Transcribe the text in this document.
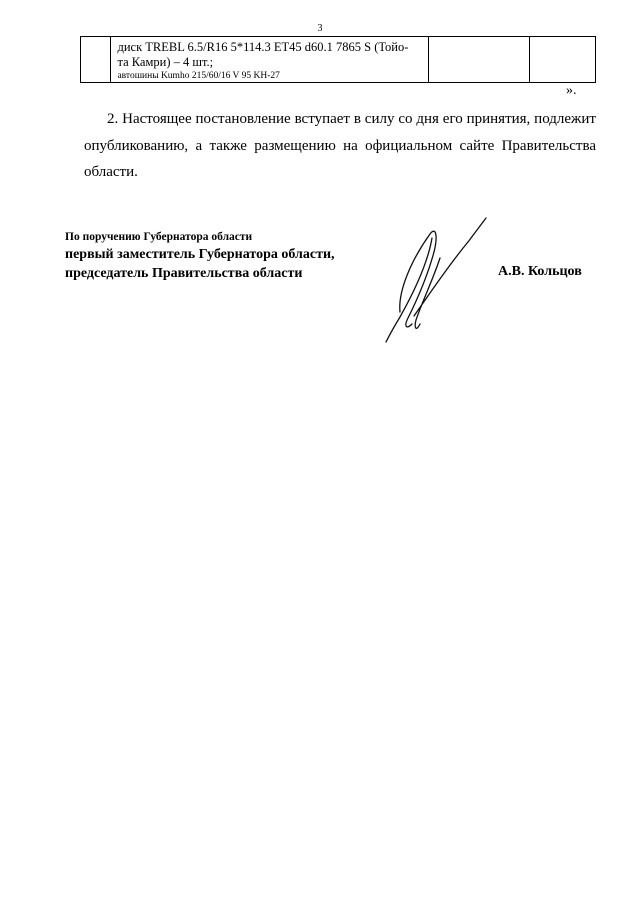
3

диск TREBL 6.5/R16 5*114.3 ET45 d60.1 7865 S (Тойо-
та Камри) – 4 шт.;
автошины Kumho 215/60/16 V 95 KH-27

».

2. Настоящее постановление вступает в силу со дня его принятия, подлежит опубликованию, а также размещению на официальном сайте Правительства области.

По поручению Губернатора области
первый заместитель Губернатора области,
председатель Правительства области	А.В. Кольцов
